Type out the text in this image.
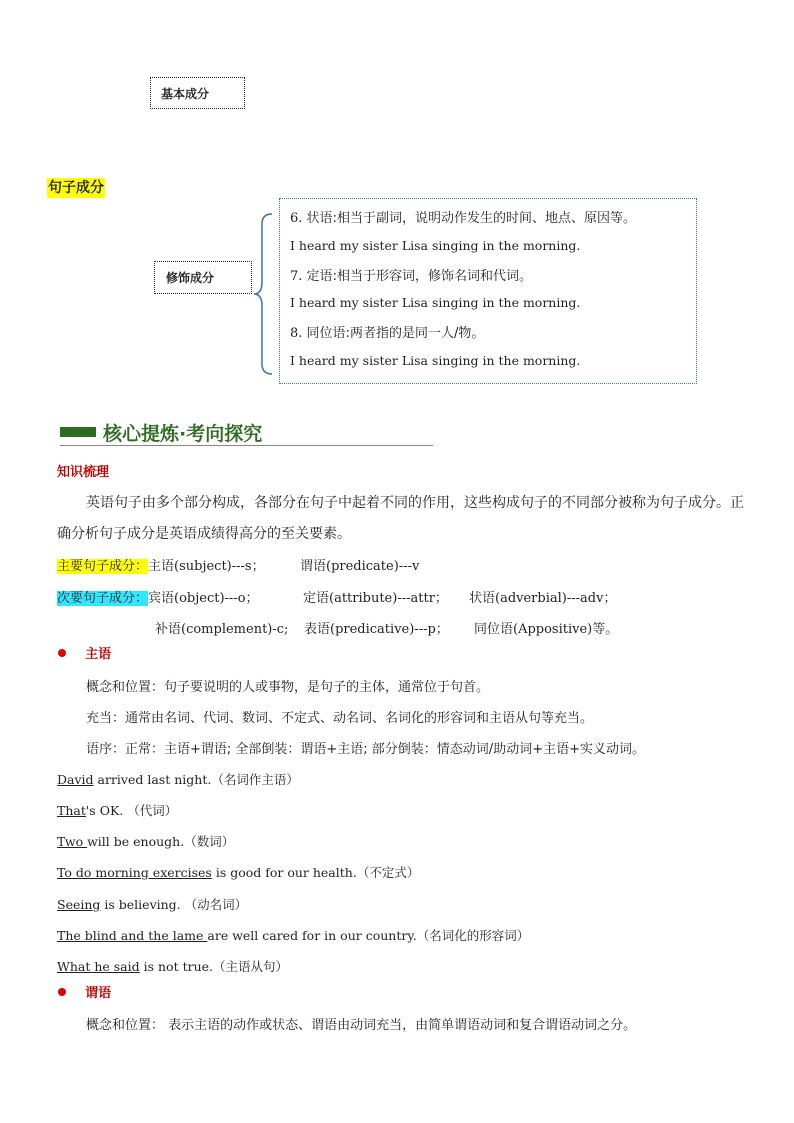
基本成分
句子成分
修饰成分
6. 状语:相当于副词，说明动作发生的时间、地点、原因等。
I heard my sister Lisa singing in the morning.
7. 定语:相当于形容词，修饰名词和代词。
I heard my sister Lisa singing in the morning.
8. 同位语:两者指的是同一人/物。
I heard my sister Lisa singing in the morning.
核心提炼·考向探究
知识梳理
英语句子由多个部分构成，各部分在句子中起着不同的作用，这些构成句子的不同部分被称为句子成分。正
确分析句子成分是英语成绩得高分的至关要素。
主要句子成分：主语(subject)---s；	谓语(predicate)---v
次要句子成分：宾语(object)---o；	定语(attribute)---attr； 状语(adverbial)---adv；
补语(complement)-c; 表语(predicative)---p； 同位语(Appositive)等。
主语
概念和位置：句子要说明的人或事物，是句子的主体，通常位于句首。
充当：通常由名词、代词、数词、不定式、动名词、名词化的形容词和主语从句等充当。
语序：正常：主语+谓语; 全部倒装：谓语+主语; 部分倒装：情态动词/助动词+主语+实义动词。
David arrived last night.（名词作主语）
That's OK. （代词）
Two will be enough.（数词）
To do morning exercises is good for our health.（不定式）
Seeing is believing. （动名词）
The blind and the lame are well cared for in our country.（名词化的形容词）
What he said is not true.（主语从句）
谓语
概念和位置： 表示主语的动作或状态、谓语由动词充当，由简单谓语动词和复合谓语动词之分。
